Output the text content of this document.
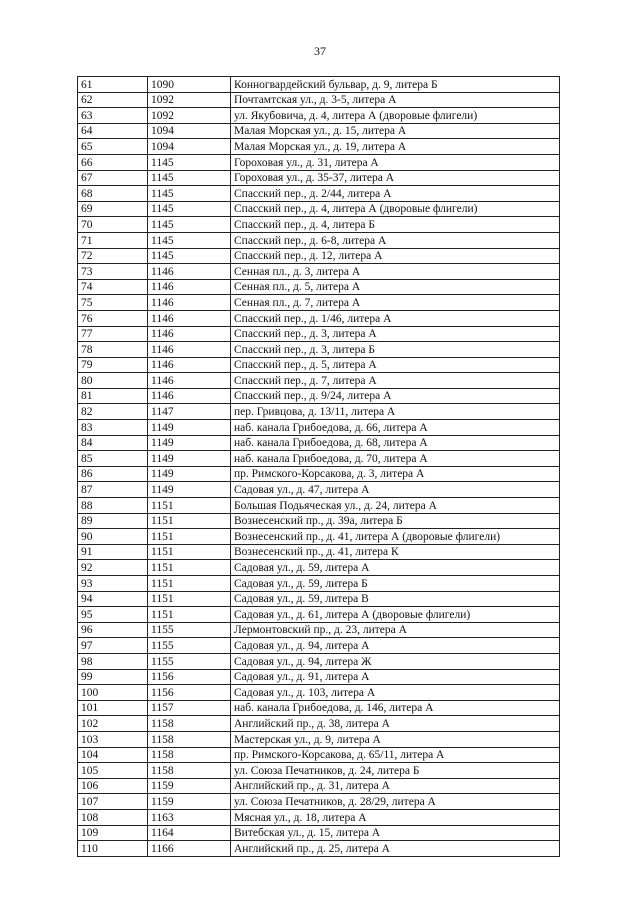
37
61	1090	Конногвардейский бульвар, д. 9, литера Б
62	1092	Почтамтская ул., д. 3-5, литера А
63	1092	ул. Якубовича, д. 4, литера А (дворовые флигели)
64	1094	Малая Морская ул., д. 15, литера А
65	1094	Малая Морская ул., д. 19, литера А
66	1145	Гороховая ул., д. 31, литера А
67	1145	Гороховая ул., д. 35-37, литера А
68	1145	Спасский пер., д. 2/44, литера А
69	1145	Спасский пер., д. 4, литера А (дворовые флигели)
70	1145	Спасский пер., д. 4, литера Б
71	1145	Спасский пер., д. 6-8, литера А
72	1145	Спасский пер., д. 12, литера А
73	1146	Сенная пл., д. 3, литера А
74	1146	Сенная пл., д. 5, литера А
75	1146	Сенная пл., д. 7, литера А
76	1146	Спасский пер., д. 1/46, литера А
77	1146	Спасский пер., д. 3, литера А
78	1146	Спасский пер., д. 3, литера Б
79	1146	Спасский пер., д. 5, литера А
80	1146	Спасский пер., д. 7, литера А
81	1146	Спасский пер., д. 9/24, литера А
82	1147	пер. Гривцова, д. 13/11, литера А
83	1149	наб. канала Грибоедова, д. 66, литера А
84	1149	наб. канала Грибоедова, д. 68, литера А
85	1149	наб. канала Грибоедова, д. 70, литера А
86	1149	пр. Римского-Корсакова, д. 3, литера А
87	1149	Садовая ул., д. 47, литера А
88	1151	Большая Подьяческая ул., д. 24, литера А
89	1151	Вознесенский пр., д. 39а, литера Б
90	1151	Вознесенский пр., д. 41, литера А (дворовые флигели)
91	1151	Вознесенский пр., д. 41, литера К
92	1151	Садовая ул., д. 59, литера А
93	1151	Садовая ул., д. 59, литера Б
94	1151	Садовая ул., д. 59, литера В
95	1151	Садовая ул., д. 61, литера А (дворовые флигели)
96	1155	Лермонтовский пр., д. 23, литера А
97	1155	Садовая ул., д. 94, литера А
98	1155	Садовая ул., д. 94, литера Ж
99	1156	Садовая ул., д. 91, литера А
100	1156	Садовая ул., д. 103, литера А
101	1157	наб. канала Грибоедова, д. 146, литера А
102	1158	Английский пр., д. 38, литера А
103	1158	Мастерская ул., д. 9, литера А
104	1158	пр. Римского-Корсакова, д. 65/11, литера А
105	1158	ул. Союза Печатников, д. 24, литера Б
106	1159	Английский пр., д. 31, литера А
107	1159	ул. Союза Печатников, д. 28/29, литера А
108	1163	Мясная ул., д. 18, литера А
109	1164	Витебская ул., д. 15, литера А
110	1166	Английский пр., д. 25, литера А
